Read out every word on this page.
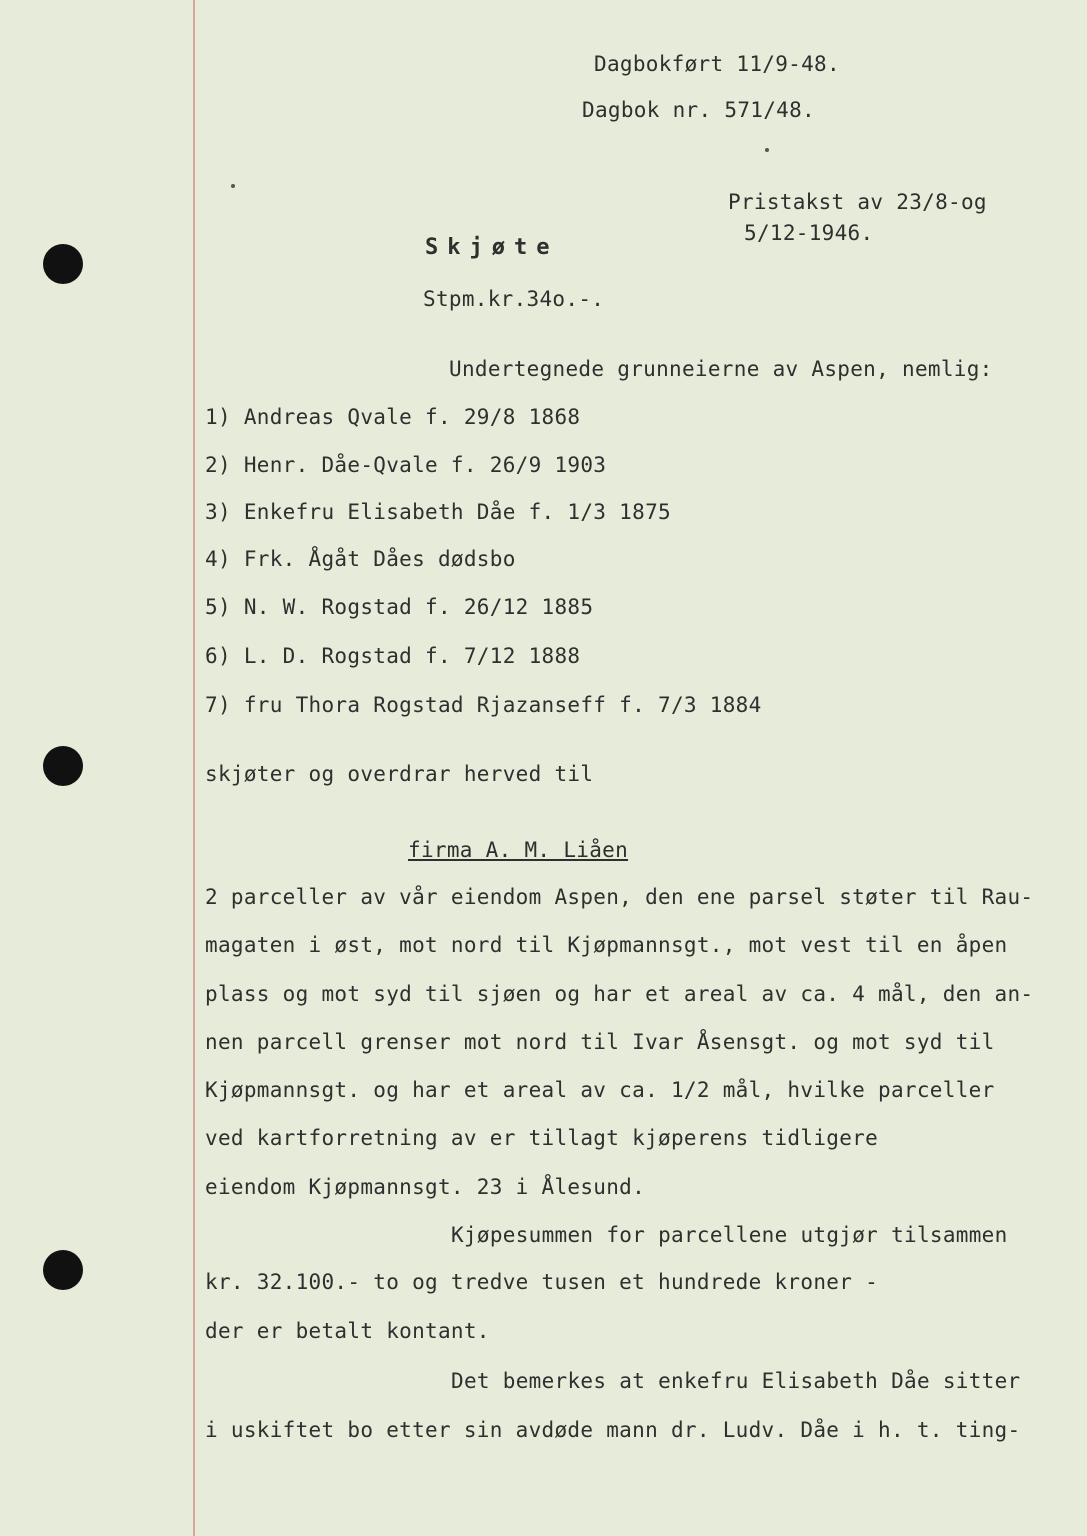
Dagbokført 11/9-48.
Dagbok nr. 571/48.
Pristakst av 23/8-og
5/12-1946.
Skjøte
Stpm.kr.34o.-.
Undertegnede grunneierne av Aspen, nemlig:
1) Andreas Qvale f. 29/8 1868
2) Henr. Dåe-Qvale f. 26/9 1903
3) Enkefru Elisabeth Dåe f. 1/3 1875
4) Frk. Ågåt Dåes dødsbo
5) N. W. Rogstad f. 26/12 1885
6) L. D. Rogstad f. 7/12 1888
7) fru Thora Rogstad Rjazanseff f. 7/3 1884
skjøter og overdrar herved til
firma A. M. Liåen
2 parceller av vår eiendom Aspen, den ene parsel støter til Rau-
magaten i øst, mot nord til Kjøpmannsgt., mot vest til en åpen
plass og mot syd til sjøen og har et areal av ca. 4 mål, den an-
nen parcell grenser mot nord til Ivar Åsensgt. og mot syd til
Kjøpmannsgt. og har et areal av ca. 1/2 mål, hvilke parceller
ved kartforretning av er tillagt kjøperens tidligere
eiendom Kjøpmannsgt. 23 i Ålesund.
Kjøpesummen for parcellene utgjør tilsammen
kr. 32.100.- to og tredve tusen et hundrede kroner -
der er betalt kontant.
Det bemerkes at enkefru Elisabeth Dåe sitter
i uskiftet bo etter sin avdøde mann dr. Ludv. Dåe i h. t. ting-
